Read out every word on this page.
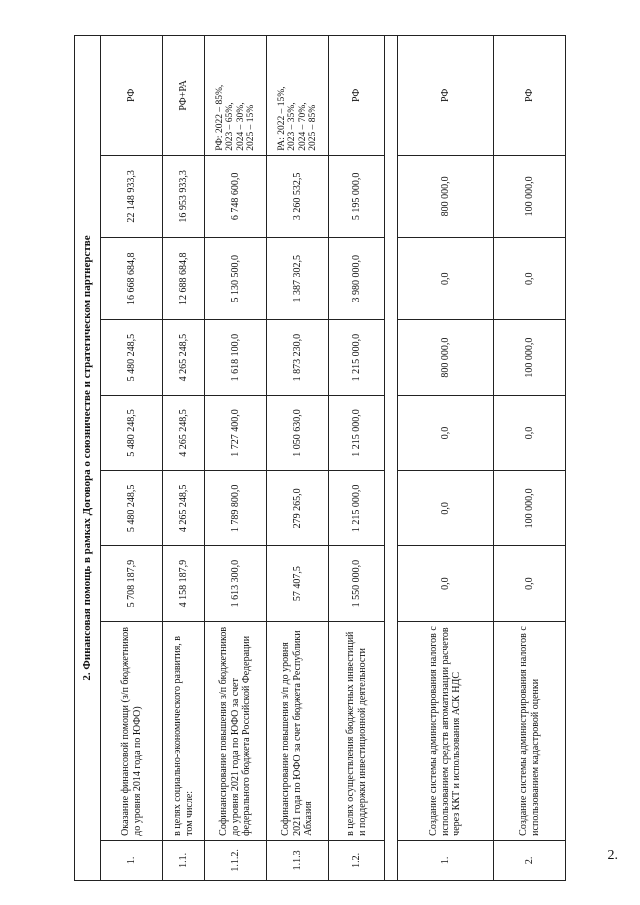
2.
2. Финансовая помощь в рамках Договора о союзничестве и стратегическом партнерстве								
1.	Оказание финансовой помощи (з/п бюджетников до уровня 2014 года по ЮФО)	5 708 187,9	5 480 248,5	5 480 248,5	5 480 248,5	16 668 684,8	22 148 933,3	РФ
1.1.	в целях социально-экономического развития, в том числе:	4 158 187,9	4 265 248,5	4 265 248,5	4 265 248,5	12 688 684,8	16 953 933,3	РФ+РА
1.1.2.	Софинансирование повышения з/п бюджетников до уровня 2021 года по ЮФО за счет федерального бюджета Российской Федерации	1 613 300,0	1 789 800,0	1 727 400,0	1 618 100,0	5 130 500,0	6 748 600,0	РФ: 2022 – 85%,
2023 – 65%,
2024 – 30%,
2025 – 15%
1.1.3	Софинансирование повышения з/п до уровня 2021 года по ЮФО за счет бюджета Республики Абхазия	57 407,5	279 265,0	1 050 630,0	1 873 230,0	1 387 302,5	3 260 532,5	РА: 2022 – 15%,
2023 – 35%,
2024 – 70%,
2025 – 85%
1.2.	в целях осуществления бюджетных инвестиций и поддержки инвестиционной деятельности	1 550 000,0	1 215 000,0	1 215 000,0	1 215 000,0	3 980 000,0	5 195 000,0	РФ

1.	Создание системы администрирования налогов с использованием средств автоматизации расчетов через ККТ и использования АСК НДС	0,0	0,0	0,0	800 000,0	0,0	800 000,0	РФ
2.	Создание системы администрирования налогов с использованием кадастровой оценки	0,0	100 000,0	0,0	100 000,0	0,0	100 000,0	РФ
